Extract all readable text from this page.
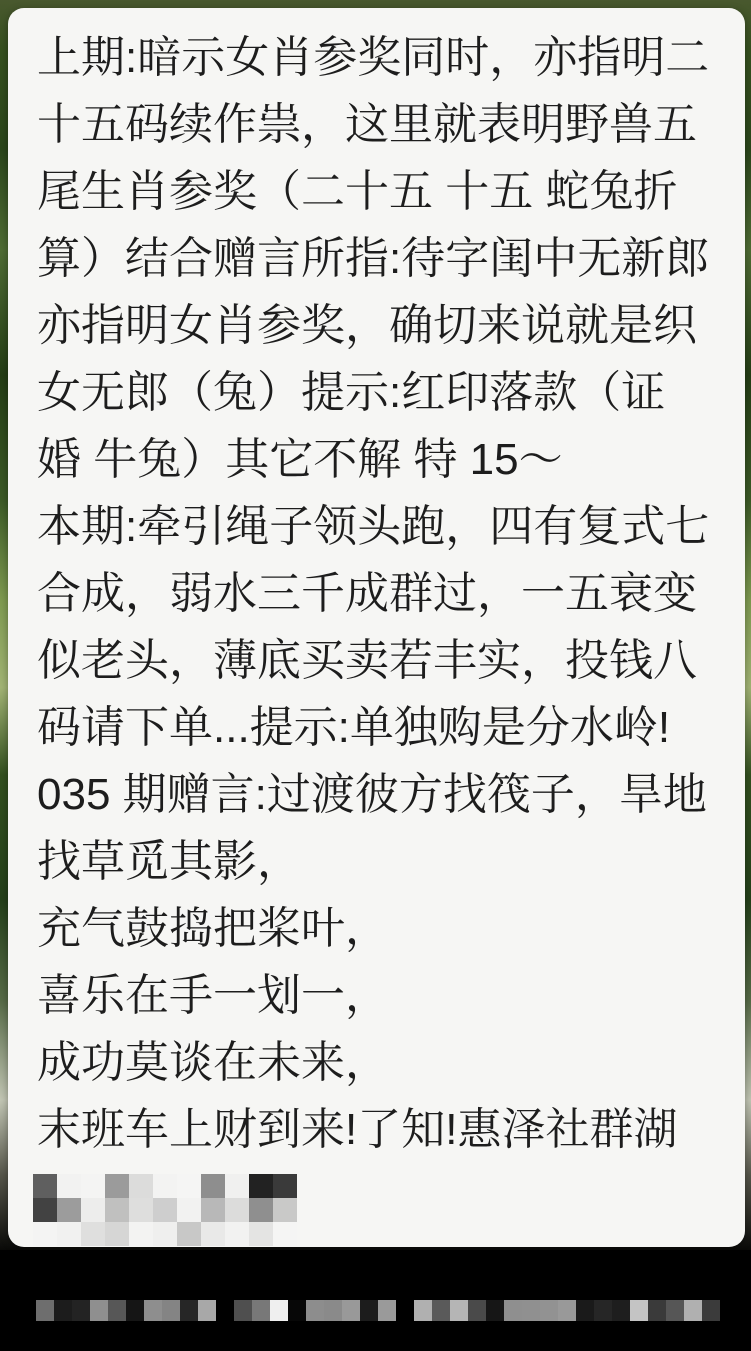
上期:暗示女肖参奖同时，亦指明二
十五码续作祟，这里就表明野兽五
尾生肖参奖（二十五 十五 蛇兔折
算）结合赠言所指:待字闺中无新郎
亦指明女肖参奖，确切来说就是织
女无郎（兔）提示:红印落款（证
婚 牛兔）其它不解 特 15～
本期:牵引绳子领头跑，四有复式七
合成，弱水三千成群过，一五衰变
似老头，薄底买卖若丰实，投钱八
码请下单...提示:单独购是分水岭!
035 期赠言:过渡彼方找筏子，旱地
找草觅其影，
充气鼓捣把桨叶，
喜乐在手一划一，
成功莫谈在未来，
末班车上财到来!了知!惠泽社群湖
